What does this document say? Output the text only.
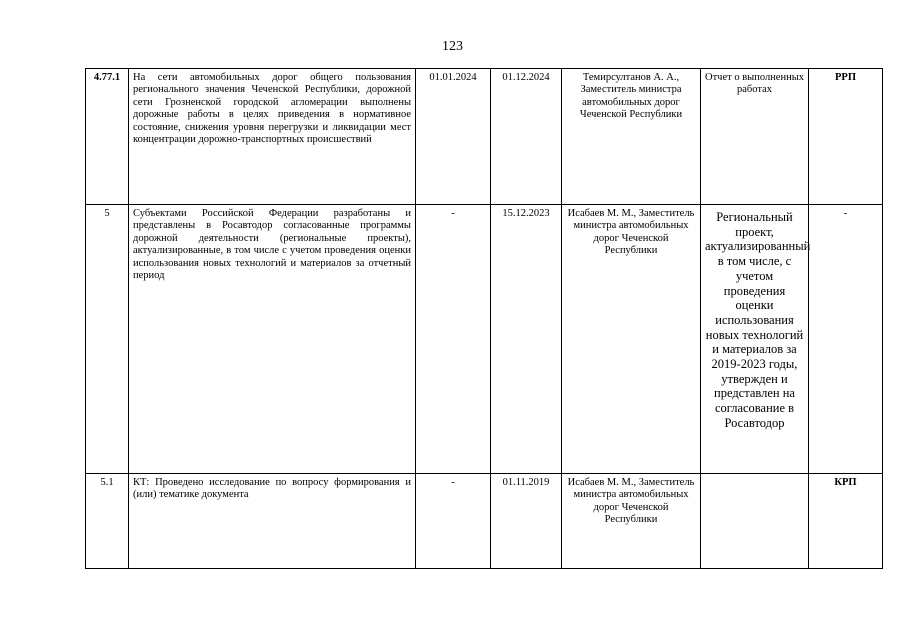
123
4.77.1	На сети автомобильных дорог общего пользования регионального значения Чеченской Республики, дорожной сети Грозненской городской агломерации выполнены дорожные работы в целях приведения в нормативное состояние, снижения уровня перегрузки и ликвидации мест концентрации дорожно-транспортных происшествий	01.01.2024	01.12.2024	Темирсултанов А. А., Заместитель министра автомобильных дорог Чеченской Республики	Отчет о выполненных работах	РРП
5	Субъектами Российской Федерации разработаны и представлены в Росавтодор согласованные программы дорожной деятельности (региональные проекты), актуализированные, в том числе с учетом проведения оценки использования новых технологий и материалов за отчетный период	-	15.12.2023	Исабаев М. М., Заместитель министра автомобильных дорог Чеченской Республики	Региональный проект, актуализированный в том числе, с учетом проведения оценки использования новых технологий и материалов за 2019-2023 годы, утвержден и представлен на согласование в Росавтодор	-
5.1	КТ: Проведено исследование по вопросу формирования и (или) тематике документа	-	01.11.2019	Исабаев М. М., Заместитель министра автомобильных дорог Чеченской Республики		КРП
